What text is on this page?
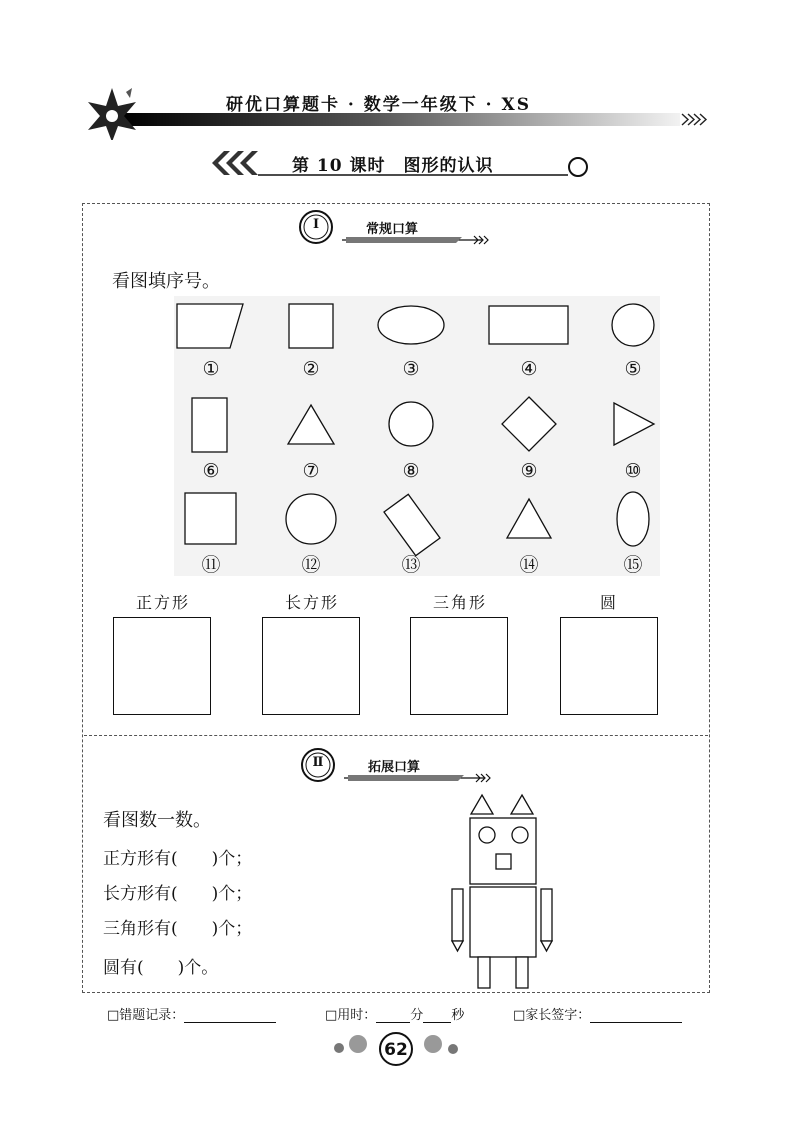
研优口算题卡 · 数学一年级下 · XS
第 10 课时　图形的认识
Ⅰ	常规口算
看图填序号。
①	②	③	④	⑤
⑥	⑦	⑧	⑨	⑩
⑪	⑫	⑬	⑭	⑮
正方形	长方形	三角形	圆
Ⅱ	拓展口算
看图数一数。
正方形有(　　)个；
长方形有(　　)个；
三角形有(　　)个；
圆有(　　)个。
□错题记录：	□用时：	分 秒	□家长签字：
62
